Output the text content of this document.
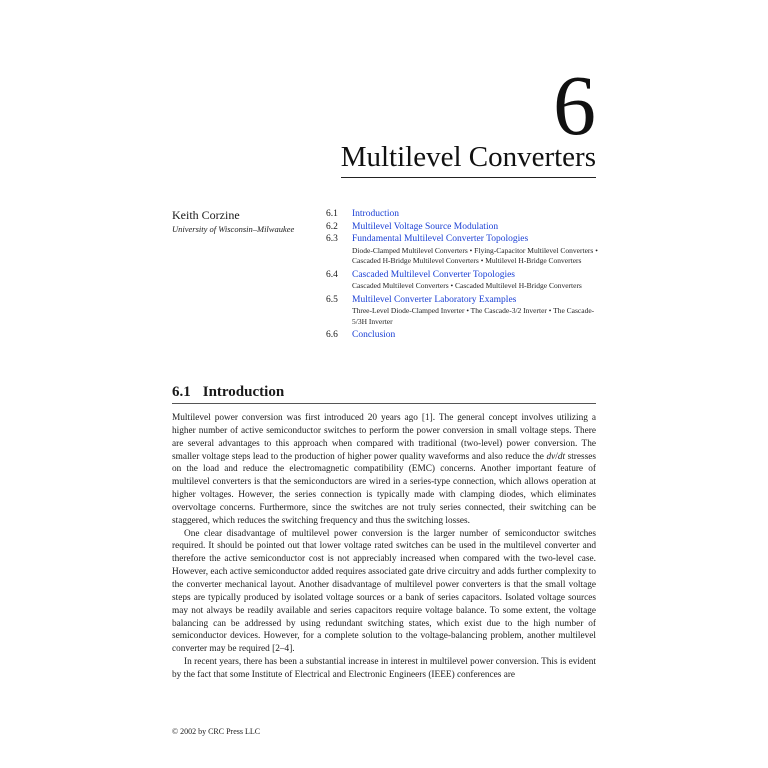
6
Multilevel Converters
Keith Corzine
University of Wisconsin–Milwaukee
6.1 Introduction
6.2 Multilevel Voltage Source Modulation
6.3 Fundamental Multilevel Converter Topologies
Diode-Clamped Multilevel Converters • Flying-Capacitor Multilevel Converters • Cascaded H-Bridge Multilevel Converters • Multilevel H-Bridge Converters
6.4 Cascaded Multilevel Converter Topologies
Cascaded Multilevel Converters • Cascaded Multilevel H-Bridge Converters
6.5 Multilevel Converter Laboratory Examples
Three-Level Diode-Clamped Inverter • The Cascade-3/2 Inverter • The Cascade-5/3H Inverter
6.6 Conclusion
6.1 Introduction

Multilevel power conversion was first introduced 20 years ago [1]. The general concept involves utilizing a higher number of active semiconductor switches to perform the power conversion in small voltage steps. There are several advantages to this approach when compared with traditional (two-level) power conversion. The smaller voltage steps lead to the production of higher power quality waveforms and also reduce the dv/dt stresses on the load and reduce the electromagnetic compatibility (EMC) concerns. Another important feature of multilevel converters is that the semiconductors are wired in a series-type connection, which allows operation at higher voltages. However, the series connection is typically made with clamping diodes, which eliminates overvoltage concerns. Furthermore, since the switches are not truly series connected, their switching can be staggered, which reduces the switching frequency and thus the switching losses.

One clear disadvantage of multilevel power conversion is the larger number of semiconductor switches required. It should be pointed out that lower voltage rated switches can be used in the multilevel converter and therefore the active semiconductor cost is not appreciably increased when compared with the two-level case. However, each active semiconductor added requires associated gate drive circuitry and adds further complexity to the converter mechanical layout. Another disadvantage of multilevel power converters is that the small voltage steps are typically produced by isolated voltage sources or a bank of series capacitors. Isolated voltage sources may not always be readily available and series capacitors require voltage balance. To some extent, the voltage balancing can be addressed by using redundant switching states, which exist due to the high number of semiconductor devices. However, for a complete solution to the voltage-balancing problem, another multilevel converter may be required [2–4].

In recent years, there has been a substantial increase in interest in multilevel power conversion. This is evident by the fact that some Institute of Electrical and Electronic Engineers (IEEE) conferences are

© 2002 by CRC Press LLC
